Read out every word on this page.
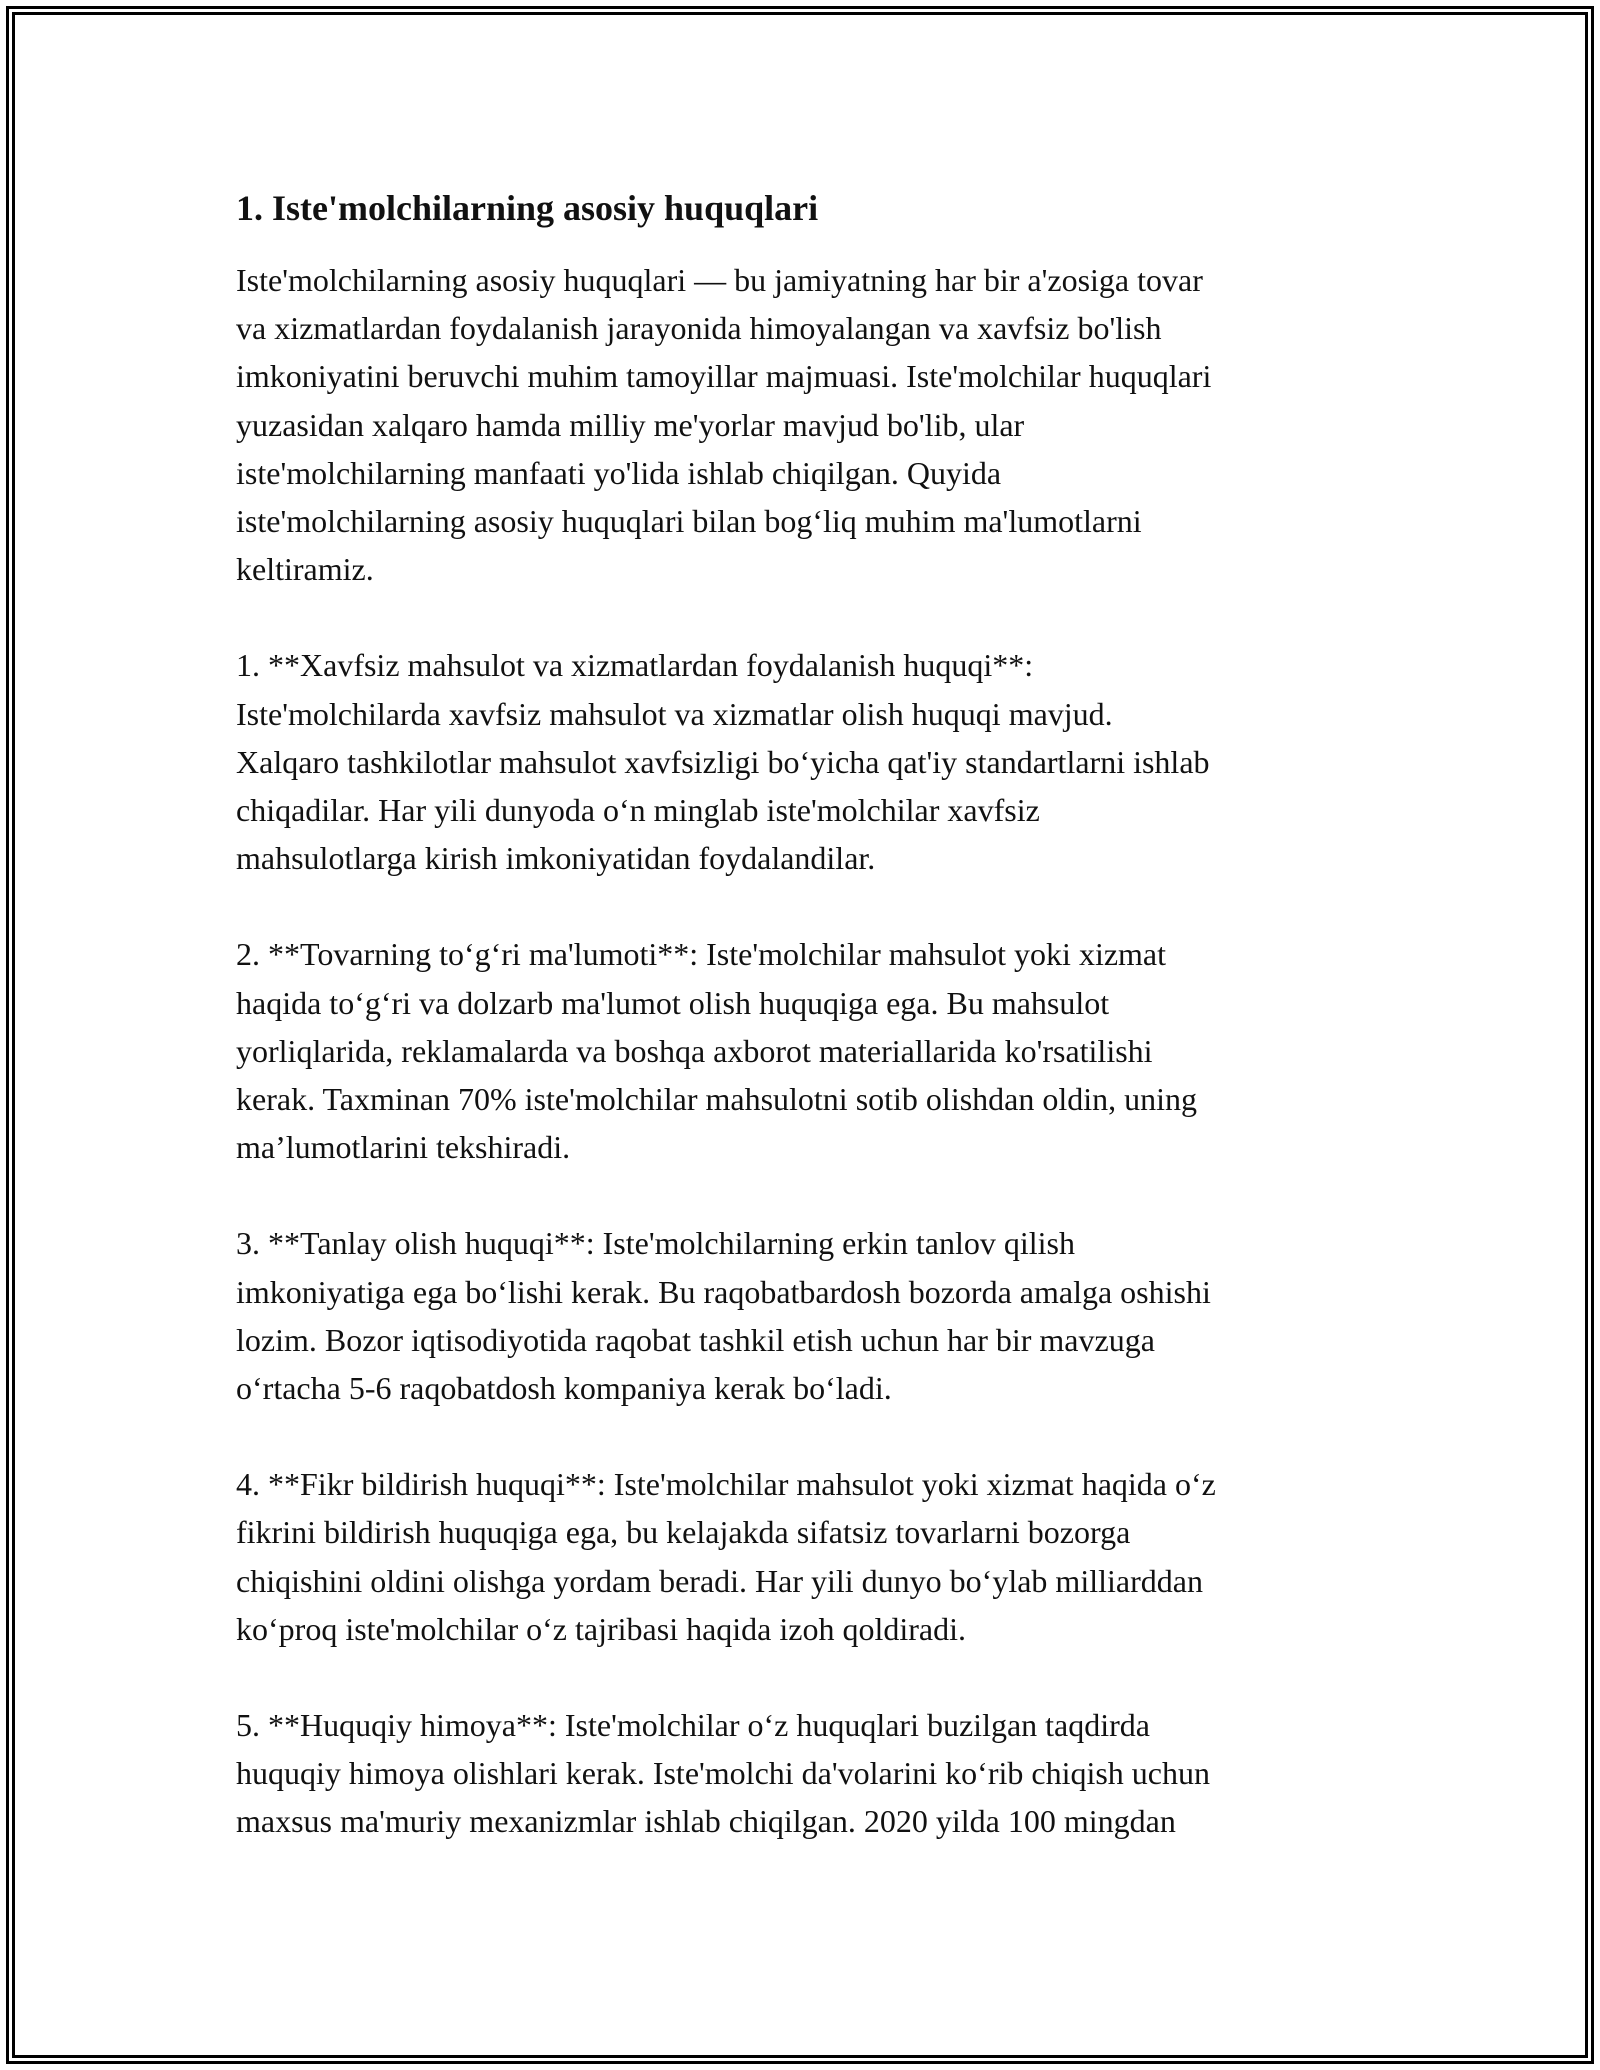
1. Iste'molchilarning asosiy huquqlari

Iste'molchilarning asosiy huquqlari — bu jamiyatning har bir a'zosiga tovar
va xizmatlardan foydalanish jarayonida himoyalangan va xavfsiz bo'lish
imkoniyatini beruvchi muhim tamoyillar majmuasi. Iste'molchilar huquqlari
yuzasidan xalqaro hamda milliy me'yorlar mavjud bo'lib, ular
iste'molchilarning manfaati yo'lida ishlab chiqilgan. Quyida
iste'molchilarning asosiy huquqlari bilan bog‘liq muhim ma'lumotlarni
keltiramiz.

1. **Xavfsiz mahsulot va xizmatlardan foydalanish huquqi**:
Iste'molchilarda xavfsiz mahsulot va xizmatlar olish huquqi mavjud.
Xalqaro tashkilotlar mahsulot xavfsizligi bo‘yicha qat'iy standartlarni ishlab
chiqadilar. Har yili dunyoda o‘n minglab iste'molchilar xavfsiz
mahsulotlarga kirish imkoniyatidan foydalandilar.

2. **Tovarning to‘g‘ri ma'lumoti**: Iste'molchilar mahsulot yoki xizmat
haqida to‘g‘ri va dolzarb ma'lumot olish huquqiga ega. Bu mahsulot
yorliqlarida, reklamalarda va boshqa axborot materiallarida ko'rsatilishi
kerak. Taxminan 70% iste'molchilar mahsulotni sotib olishdan oldin, uning
ma’lumotlarini tekshiradi.

3. **Tanlay olish huquqi**: Iste'molchilarning erkin tanlov qilish
imkoniyatiga ega bo‘lishi kerak. Bu raqobatbardosh bozorda amalga oshishi
lozim. Bozor iqtisodiyotida raqobat tashkil etish uchun har bir mavzuga
o‘rtacha 5-6 raqobatdosh kompaniya kerak bo‘ladi.

4. **Fikr bildirish huquqi**: Iste'molchilar mahsulot yoki xizmat haqida o‘z
fikrini bildirish huquqiga ega, bu kelajakda sifatsiz tovarlarni bozorga
chiqishini oldini olishga yordam beradi. Har yili dunyo bo‘ylab milliarddan
ko‘proq iste'molchilar o‘z tajribasi haqida izoh qoldiradi.

5. **Huquqiy himoya**: Iste'molchilar o‘z huquqlari buzilgan taqdirda
huquqiy himoya olishlari kerak. Iste'molchi da'volarini ko‘rib chiqish uchun
maxsus ma'muriy mexanizmlar ishlab chiqilgan. 2020 yilda 100 mingdan
